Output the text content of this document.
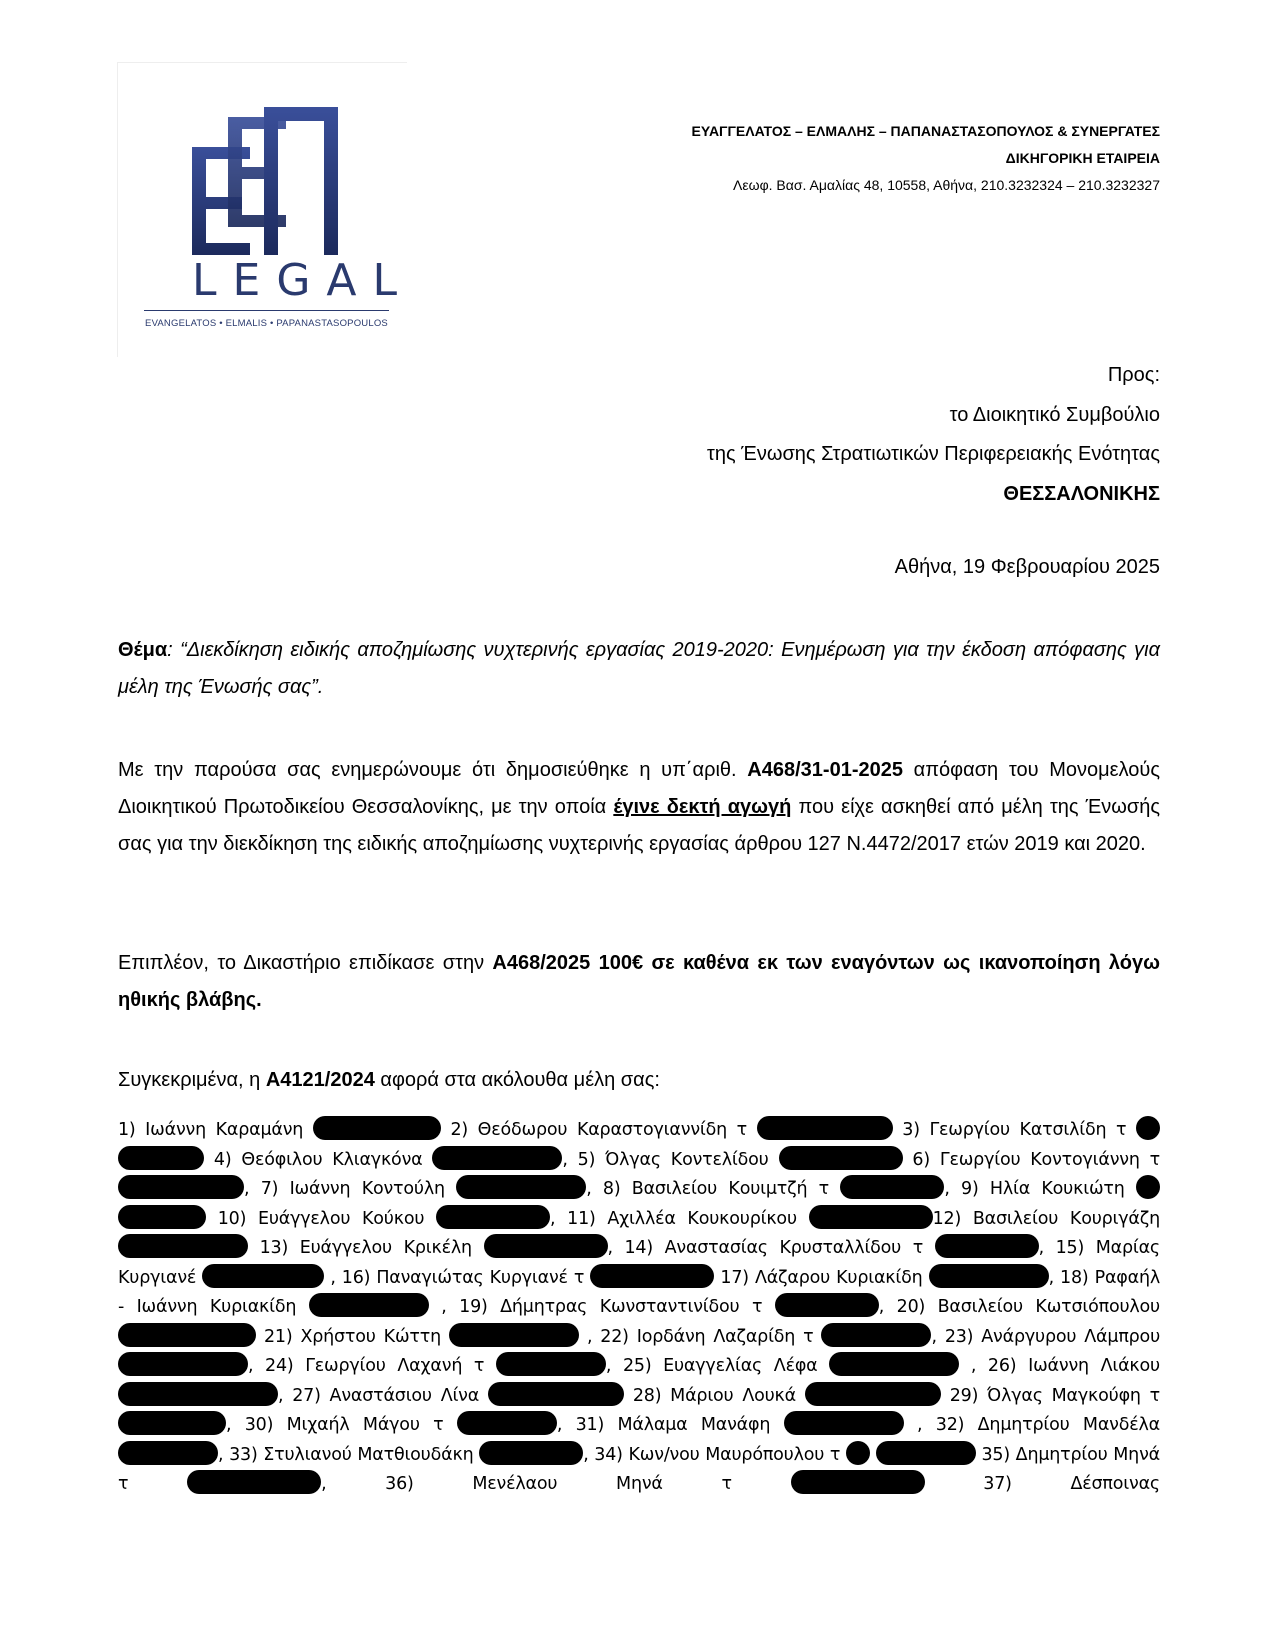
LEGAL
EVANGELATOS • ELMALIS • PAPANASTASOPOULOS
ΕΥΑΓΓΕΛΑΤΟΣ – ΕΛΜΑΛΗΣ – ΠΑΠΑΝΑΣΤΑΣΟΠΟΥΛΟΣ & ΣΥΝΕΡΓΑΤΕΣ
ΔΙΚΗΓΟΡΙΚΗ ΕΤΑΙΡΕΙΑ
Λεωφ. Βασ. Αμαλίας 48, 10558, Αθήνα, 210.3232324 – 210.3232327
Προς:
το Διοικητικό Συμβούλιο
της Ένωσης Στρατιωτικών Περιφερειακής Ενότητας
ΘΕΣΣΑΛΟΝΙΚΗΣ
Αθήνα, 19 Φεβρουαρίου 2025
Θέμα: “Διεκδίκηση ειδικής αποζημίωσης νυχτερινής εργασίας 2019-2020: Ενημέρωση για την έκδοση απόφασης για μέλη της Ένωσής σας”.
Με την παρούσα σας ενημερώνουμε ότι δημοσιεύθηκε η υπ΄αριθ. Α468/31-01-2025 απόφαση του Μονομελούς Διοικητικού Πρωτοδικείου Θεσσαλονίκης, με την οποία έγινε δεκτή αγωγή που είχε ασκηθεί από μέλη της Ένωσής σας για την διεκδίκηση της ειδικής αποζημίωσης νυχτερινής εργασίας άρθρου 127 Ν.4472/2017 ετών 2019 και 2020.
Επιπλέον, το Δικαστήριο επιδίκασε στην Α468/2025 100€ σε καθένα εκ των εναγόντων ως ικανοποίηση λόγω ηθικής βλάβης.
Συγκεκριμένα, η Α4121/2024 αφορά στα ακόλουθα μέλη σας:
1) Ιωάννη Καραμάνη	2) Θεόδωρου Καραστογιαννίδη τ	3) Γεωργίου Κατσιλίδη τ   4) Θεόφιλου Κλιαγκόνα	, 5) Όλγας Κοντελίδου	6) Γεωργίου Κοντογιάννη τ , 7) Ιωάννη Κοντούλη	, 8) Βασιλείου Κουιμτζή τ	, 9) Ηλία Κουκιώτη   10) Ευάγγελου Κούκου	, 11) Αχιλλέα Κουκουρίκου	12) Βασιλείου Κουριγάζη  13) Ευάγγελου Κρικέλη	, 14) Αναστασίας Κρυσταλλίδου τ	, 15) Μαρίας Κυργιανέ	, 16) Παναγιώτας Κυργιανέ τ	17) Λάζαρου Κυριακίδη	, 18) Ραφαήλ - Ιωάννη Κυριακίδη	, 19) Δήμητρας Κωνσταντινίδου τ	, 20) Βασιλείου Κωτσιόπουλου  21) Χρήστου Κώττη	, 22) Ιορδάνη Λαζαρίδη τ	, 23) Ανάργυρου Λάμπρου , 24) Γεωργίου Λαχανή τ	, 25) Ευαγγελίας Λέφα	, 26) Ιωάννη Λιάκου , 27) Αναστάσιου Λίνα	28) Μάριου Λουκά	29) Όλγας Μαγκούφη τ , 30) Μιχαήλ Μάγου τ	, 31) Μάλαμα Μανάφη	, 32) Δημητρίου Μανδέλα , 33) Στυλιανού Ματθιουδάκη	, 34) Κων/νου Μαυρόπουλου τ	35) Δημητρίου Μηνά τ	, 36) Μενέλαου Μηνά τ	37) Δέσποινας
